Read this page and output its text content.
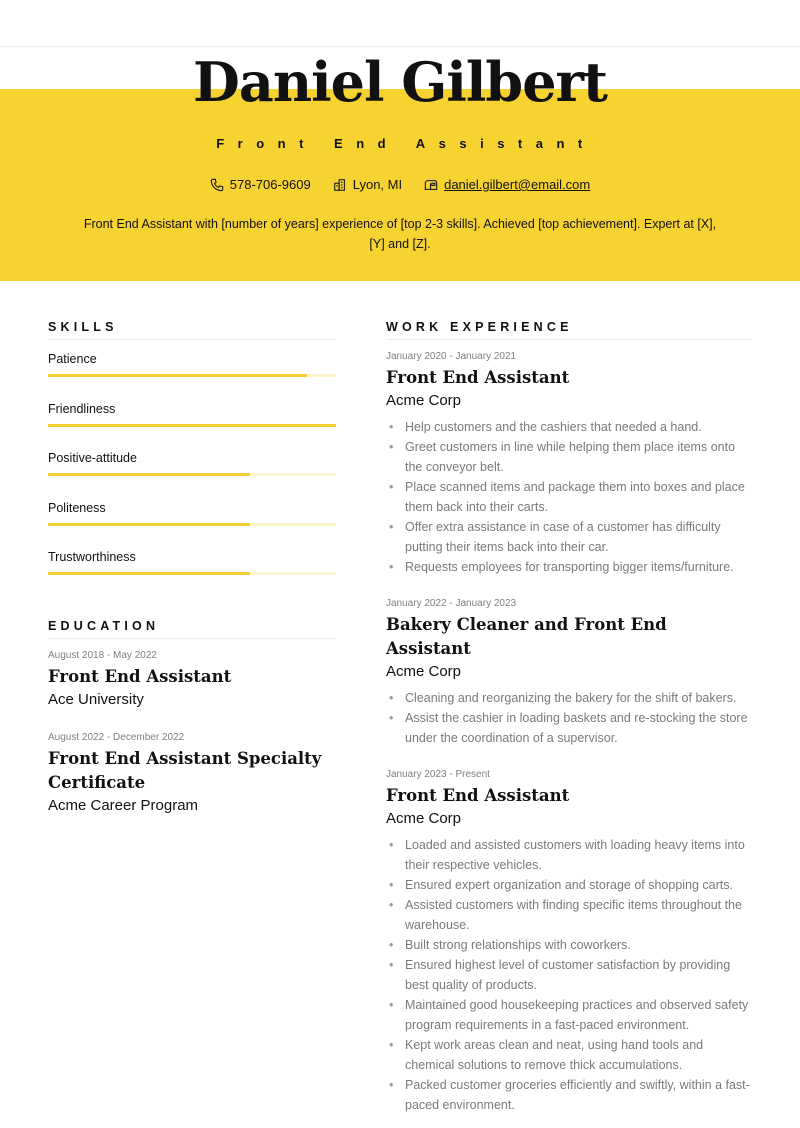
Daniel Gilbert
Front End Assistant
578-706-9609	Lyon, MI	daniel.gilbert@email.com

Front End Assistant with [number of years] experience of [top 2-3 skills]. Achieved [top achievement]. Expert at [X], [Y] and [Z].

SKILLS
Patience
Friendliness
Positive-attitude
Politeness
Trustworthiness
EDUCATION
August 2018 - May 2022
Front End Assistant
Ace University
August 2022 - December 2022
Front End Assistant Specialty Certificate
Acme Career Program
WORK EXPERIENCE
January 2020 - January 2021
Front End Assistant
Acme Corp
• Help customers and the cashiers that needed a hand.
• Greet customers in line while helping them place items onto the conveyor belt.
• Place scanned items and package them into boxes and place them back into their carts.
• Offer extra assistance in case of a customer has difficulty putting their items back into their car.
• Requests employees for transporting bigger items/furniture.
January 2022 - January 2023
Bakery Cleaner and Front End Assistant
Acme Corp
• Cleaning and reorganizing the bakery for the shift of bakers.
• Assist the cashier in loading baskets and re-stocking the store under the coordination of a supervisor.
January 2023 - Present
Front End Assistant
Acme Corp
• Loaded and assisted customers with loading heavy items into their respective vehicles.
• Ensured expert organization and storage of shopping carts.
• Assisted customers with finding specific items throughout the warehouse.
• Built strong relationships with coworkers.
• Ensured highest level of customer satisfaction by providing best quality of products.
• Maintained good housekeeping practices and observed safety program requirements in a fast-paced environment.
• Kept work areas clean and neat, using hand tools and chemical solutions to remove thick accumulations.
• Packed customer groceries efficiently and swiftly, within a fast-paced environment.
